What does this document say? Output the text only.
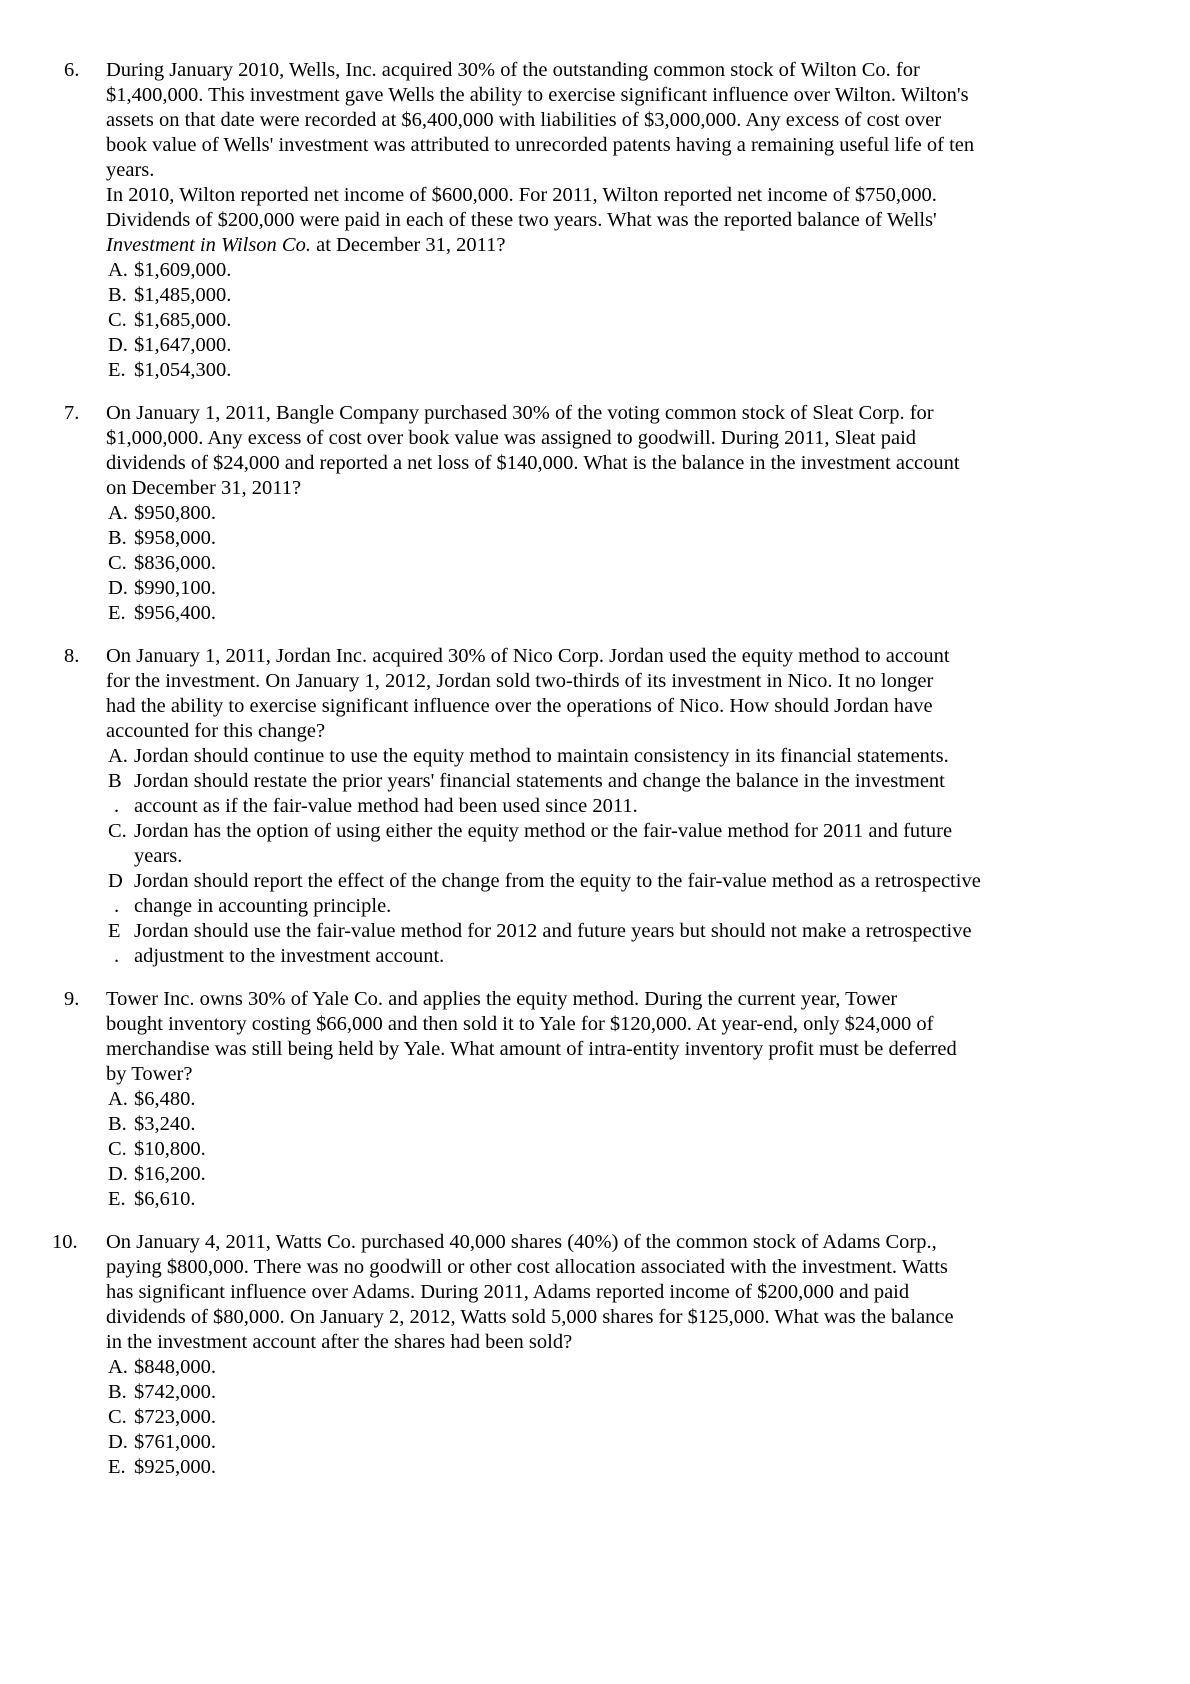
6. During January 2010, Wells, Inc. acquired 30% of the outstanding common stock of Wilton Co. for
$1,400,000. This investment gave Wells the ability to exercise significant influence over Wilton. Wilton's
assets on that date were recorded at $6,400,000 with liabilities of $3,000,000. Any excess of cost over
book value of Wells' investment was attributed to unrecorded patents having a remaining useful life of ten
years.
In 2010, Wilton reported net income of $600,000. For 2011, Wilton reported net income of $750,000.
Dividends of $200,000 were paid in each of these two years. What was the reported balance of Wells'
Investment in Wilson Co. at December 31, 2011?
A. $1,609,000.
B. $1,485,000.
C. $1,685,000.
D. $1,647,000.
E. $1,054,300.
7. On January 1, 2011, Bangle Company purchased 30% of the voting common stock of Sleat Corp. for
$1,000,000. Any excess of cost over book value was assigned to goodwill. During 2011, Sleat paid
dividends of $24,000 and reported a net loss of $140,000. What is the balance in the investment account
on December 31, 2011?
A. $950,800.
B. $958,000.
C. $836,000.
D. $990,100.
E. $956,400.
8. On January 1, 2011, Jordan Inc. acquired 30% of Nico Corp. Jordan used the equity method to account
for the investment. On January 1, 2012, Jordan sold two-thirds of its investment in Nico. It no longer
had the ability to exercise significant influence over the operations of Nico. How should Jordan have
accounted for this change?
A. Jordan should continue to use the equity method to maintain consistency in its financial statements.
B Jordan should restate the prior years' financial statements and change the balance in the investment
. account as if the fair-value method had been used since 2011.
C. Jordan has the option of using either the equity method or the fair-value method for 2011 and future
years.
D Jordan should report the effect of the change from the equity to the fair-value method as a retrospective
. change in accounting principle.
E Jordan should use the fair-value method for 2012 and future years but should not make a retrospective
. adjustment to the investment account.
9. Tower Inc. owns 30% of Yale Co. and applies the equity method. During the current year, Tower
bought inventory costing $66,000 and then sold it to Yale for $120,000. At year-end, only $24,000 of
merchandise was still being held by Yale. What amount of intra-entity inventory profit must be deferred
by Tower?
A. $6,480.
B. $3,240.
C. $10,800.
D. $16,200.
E. $6,610.
10. On January 4, 2011, Watts Co. purchased 40,000 shares (40%) of the common stock of Adams Corp.,
paying $800,000. There was no goodwill or other cost allocation associated with the investment. Watts
has significant influence over Adams. During 2011, Adams reported income of $200,000 and paid
dividends of $80,000. On January 2, 2012, Watts sold 5,000 shares for $125,000. What was the balance
in the investment account after the shares had been sold?
A. $848,000.
B. $742,000.
C. $723,000.
D. $761,000.
E. $925,000.
